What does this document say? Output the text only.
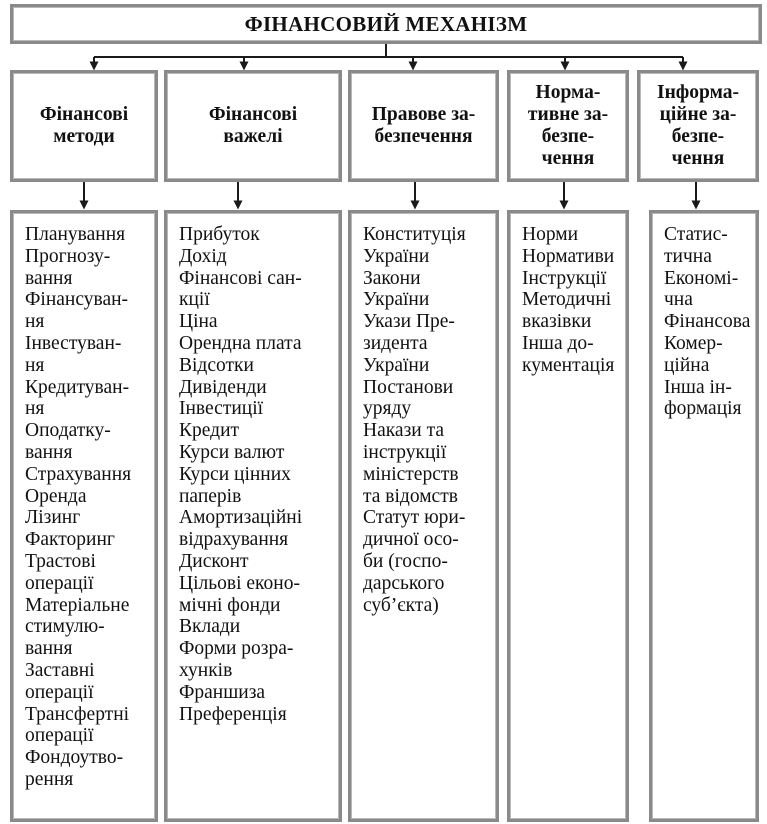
ФІНАНСОВИЙ МЕХАНІЗМ
Фінансові
методи
Фінансові
важелі
Правове за-
безпечення
Норма-
тивне за-
безпе-
чення
Інформа-
ційне за-
безпе-
чення
Планування
Прогнозу-
вання
Фінансуван-
ня
Інвестуван-
ня
Кредитуван-
ня
Оподатку-
вання
Страхування
Оренда
Лізинг
Факторинг
Трастові
операції
Матеріальне
стимулю-
вання
Заставні
операції
Трансфертні
операції
Фондоутво-
рення
Прибуток
Дохід
Фінансові сан-
кції
Ціна
Орендна плата
Відсотки
Дивіденди
Інвестиції
Кредит
Курси валют
Курси цінних
паперів
Амортизаційні
відрахування
Дисконт
Цільові еконо-
мічні фонди
Вклади
Форми розра-
хунків
Франшиза
Преференція
Конституція
України
Закони
України
Укази Пре-
зидента
України
Постанови
уряду
Накази та
інструкції
міністерств
та відомств
Статут юри-
дичної осо-
би (госпо-
дарського
суб’єкта)
Норми
Нормативи
Інструкції
Методичні
вказівки
Інша до-
кументація
Статис-
тична
Економі-
чна
Фінансова
Комер-
ційна
Інша ін-
формація
